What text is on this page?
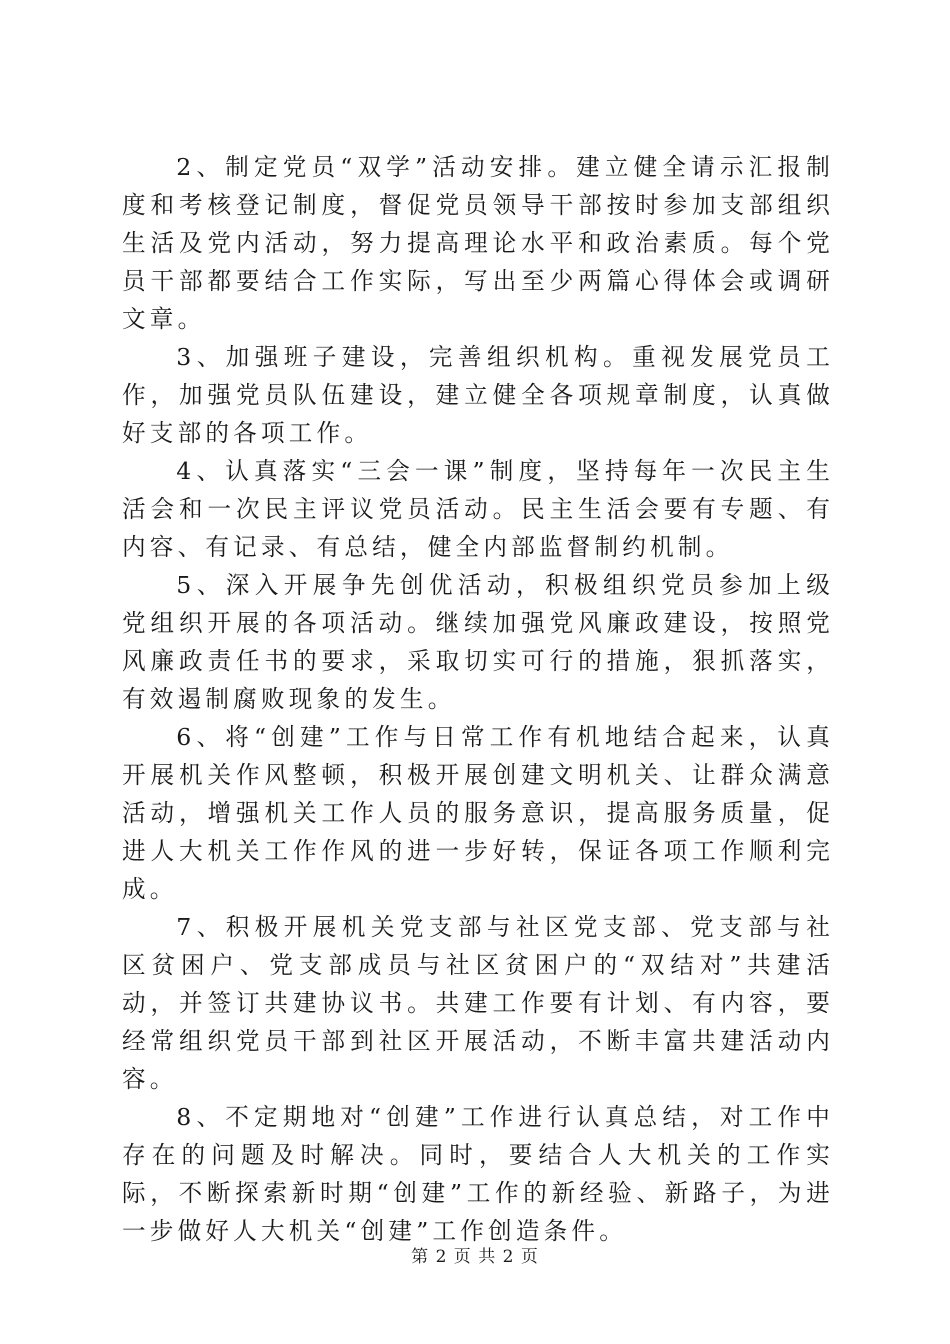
2、制定党员“双学”活动安排。建立健全请示汇报制度和考核登记制度，督促党员领导干部按时参加支部组织生活及党内活动，努力提高理论水平和政治素质。每个党员干部都要结合工作实际，写出至少两篇心得体会或调研文章。

3、加强班子建设，完善组织机构。重视发展党员工作，加强党员队伍建设，建立健全各项规章制度，认真做好支部的各项工作。

4、认真落实“三会一课”制度，坚持每年一次民主生活会和一次民主评议党员活动。民主生活会要有专题、有内容、有记录、有总结，健全内部监督制约机制。

5、深入开展争先创优活动，积极组织党员参加上级党组织开展的各项活动。继续加强党风廉政建设，按照党风廉政责任书的要求，采取切实可行的措施，狠抓落实，有效遏制腐败现象的发生。

6、将“创建”工作与日常工作有机地结合起来，认真开展机关作风整顿，积极开展创建文明机关、让群众满意活动，增强机关工作人员的服务意识，提高服务质量，促进人大机关工作作风的进一步好转，保证各项工作顺利完成。

7、积极开展机关党支部与社区党支部、党支部与社区贫困户、党支部成员与社区贫困户的“双结对”共建活动，并签订共建协议书。共建工作要有计划、有内容，要经常组织党员干部到社区开展活动，不断丰富共建活动内容。

8、不定期地对“创建”工作进行认真总结，对工作中存在的问题及时解决。同时，要结合人大机关的工作实际，不断探索新时期“创建”工作的新经验、新路子，为进一步做好人大机关“创建”工作创造条件。

第 2 页 共 2 页
